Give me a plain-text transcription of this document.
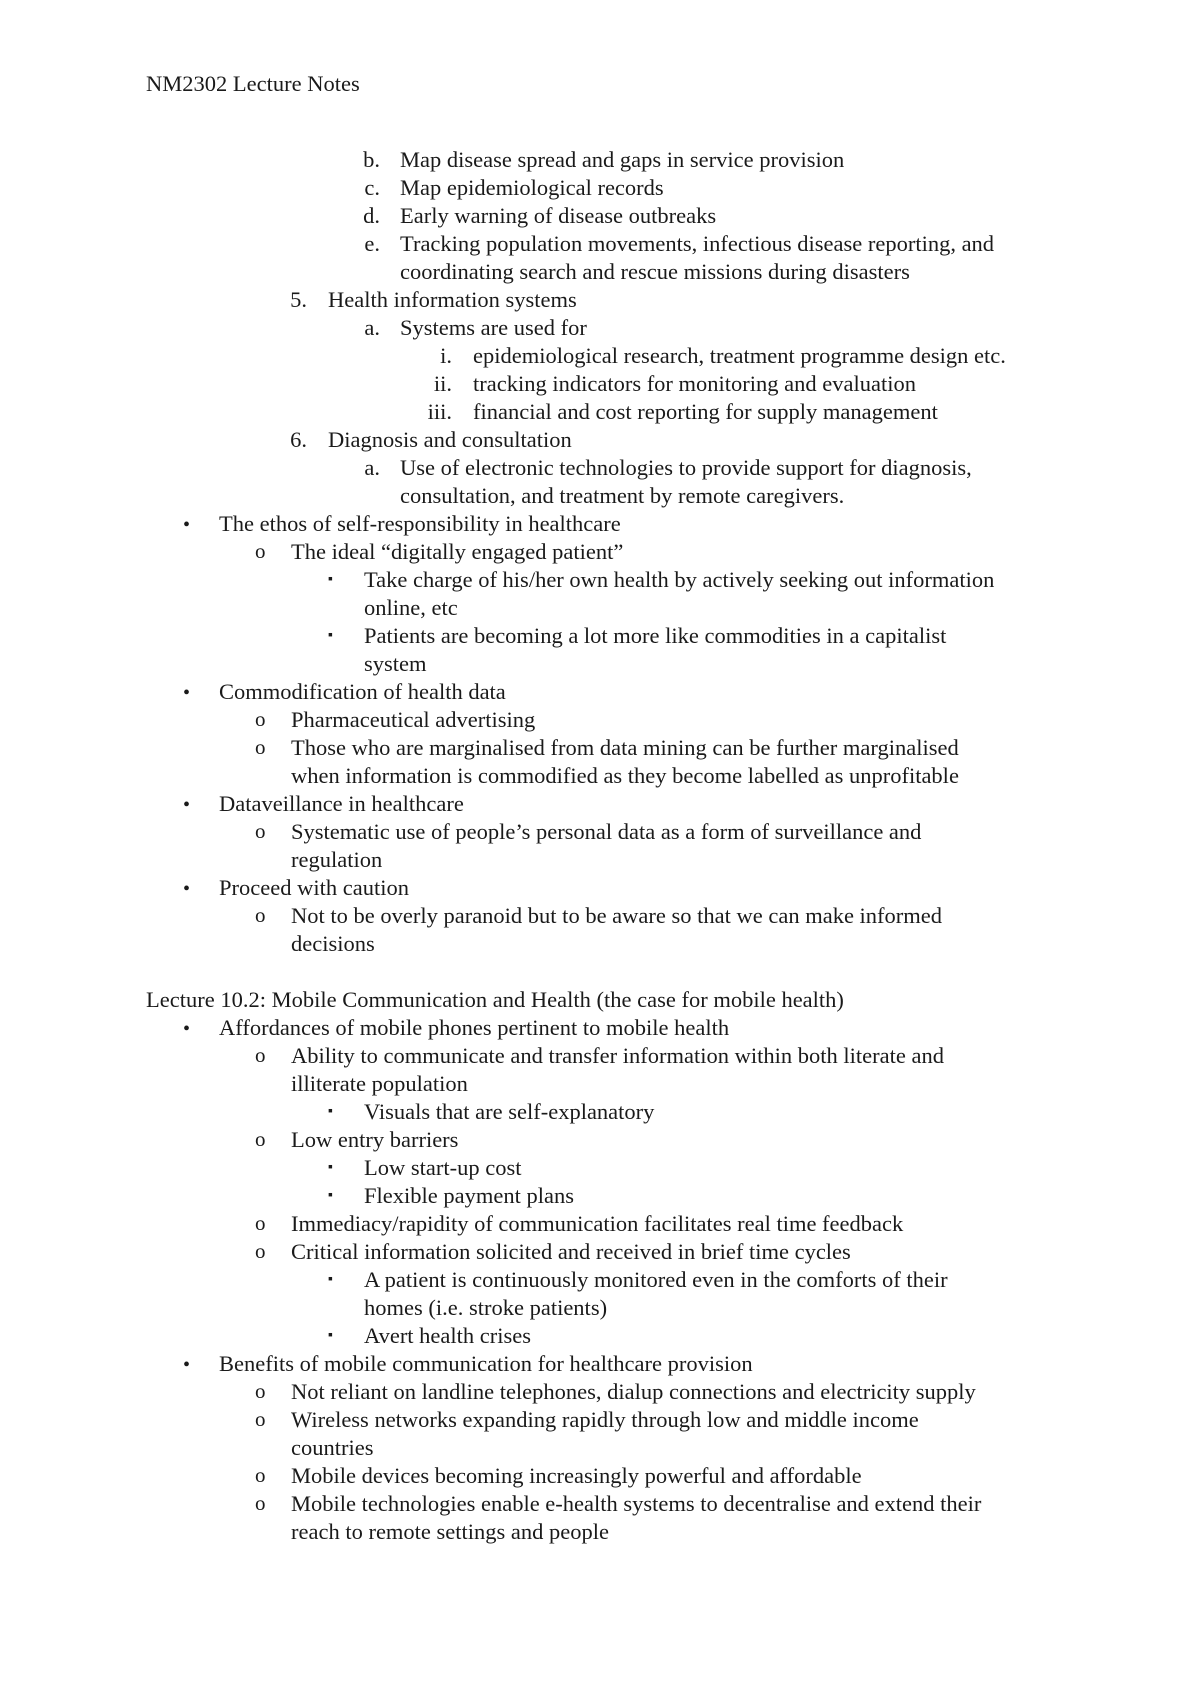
NM2302 Lecture Notes
b. Map disease spread and gaps in service provision
c. Map epidemiological records
d. Early warning of disease outbreaks
e. Tracking population movements, infectious disease reporting, and
coordinating search and rescue missions during disasters
5. Health information systems
a. Systems are used for
i. epidemiological research, treatment programme design etc.
ii. tracking indicators for monitoring and evaluation
iii. financial and cost reporting for supply management
6. Diagnosis and consultation
a. Use of electronic technologies to provide support for diagnosis,
consultation, and treatment by remote caregivers.
• The ethos of self-responsibility in healthcare
o The ideal “digitally engaged patient”
▪ Take charge of his/her own health by actively seeking out information
online, etc
▪ Patients are becoming a lot more like commodities in a capitalist
system
• Commodification of health data
o Pharmaceutical advertising
o Those who are marginalised from data mining can be further marginalised
when information is commodified as they become labelled as unprofitable
• Dataveillance in healthcare
o Systematic use of people’s personal data as a form of surveillance and
regulation
• Proceed with caution
o Not to be overly paranoid but to be aware so that we can make informed
decisions
Lecture 10.2: Mobile Communication and Health (the case for mobile health)
• Affordances of mobile phones pertinent to mobile health
o Ability to communicate and transfer information within both literate and
illiterate population
▪ Visuals that are self-explanatory
o Low entry barriers
▪ Low start-up cost
▪ Flexible payment plans
o Immediacy/rapidity of communication facilitates real time feedback
o Critical information solicited and received in brief time cycles
▪ A patient is continuously monitored even in the comforts of their
homes (i.e. stroke patients)
▪ Avert health crises
• Benefits of mobile communication for healthcare provision
o Not reliant on landline telephones, dialup connections and electricity supply
o Wireless networks expanding rapidly through low and middle income
countries
o Mobile devices becoming increasingly powerful and affordable
o Mobile technologies enable e-health systems to decentralise and extend their
reach to remote settings and people
